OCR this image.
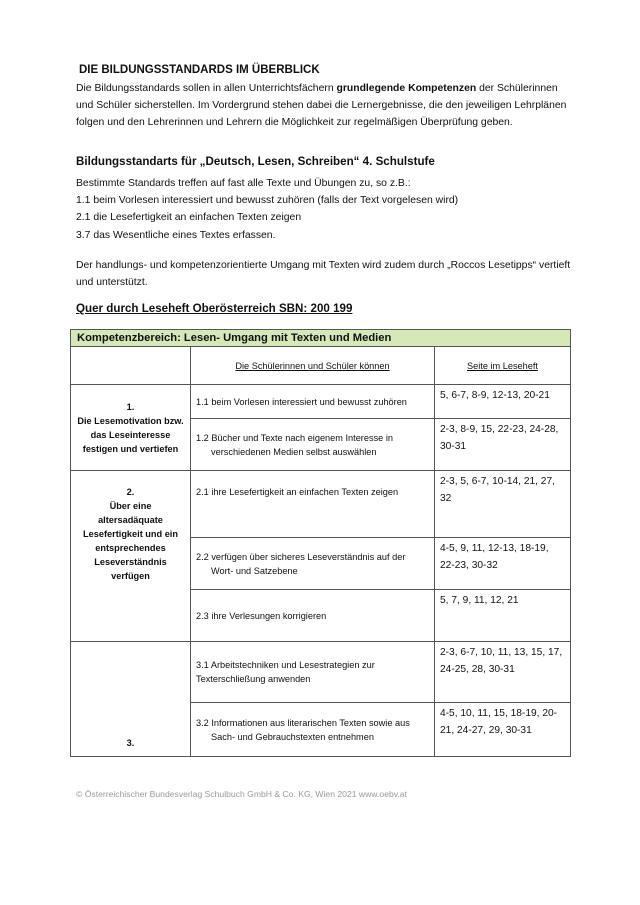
DIE BILDUNGSSTANDARDS IM ÜBERBLICK
Die Bildungsstandards sollen in allen Unterrichtsfächern grundlegende Kompetenzen der Schülerinnen und Schüler sicherstellen. Im Vordergrund stehen dabei die Lernergebnisse, die den jeweiligen Lehrplänen folgen und den Lehrerinnen und Lehrern die Möglichkeit zur regelmäßigen Überprüfung geben.
Bildungsstandarts für „Deutsch, Lesen, Schreiben“ 4. Schulstufe
Bestimmte Standards treffen auf fast alle Texte und Übungen zu, so z.B.:
1.1 beim Vorlesen interessiert und bewusst zuhören (falls der Text vorgelesen wird)
2.1 die Lesefertigkeit an einfachen Texten zeigen
3.7 das Wesentliche eines Textes erfassen.
Der handlungs- und kompetenzorientierte Umgang mit Texten wird zudem durch „Roccos Lesetipps“ vertieft und unterstützt.
Quer durch Leseheft Oberösterreich SBN: 200 199
Kompetenzbereich: Lesen- Umgang mit Texten und Medien		
	Die Schülerinnen und Schüler können	Seite im Leseheft

1.
Die Lesemotivation bzw. das Leseinteresse festigen und vertiefen	1.1 beim Vorlesen interessiert und bewusst zuhören	5, 6-7, 8-9, 12-13, 20-21
	1.2 Bücher und Texte nach eigenem Interesse in
verschiedenen Medien selbst auswählen	2-3, 8-9, 15, 22-23, 24-28, 30-31

2.
Über eine altersadäquate Lesefertigkeit und ein entsprechendes Leseverständnis verfügen	2.1 ihre Lesefertigkeit an einfachen Texten zeigen	2-3, 5, 6-7, 10-14, 21, 27, 32
	2.2 verfügen über sicheres Leseverständnis auf der
Wort- und Satzebene	4-5, 9, 11, 12-13, 18-19, 22-23, 30-32
	2.3 ihre Verlesungen korrigieren	5, 7, 9, 11, 12, 21

3.	3.1 Arbeitstechniken und Lesestrategien zur
Texterschließung anwenden	2-3, 6-7, 10, 11, 13, 15, 17, 24-25, 28, 30-31
	3.2 Informationen aus literarischen Texten sowie aus
Sach- und Gebrauchstexten entnehmen	4-5, 10, 11, 15, 18-19, 20-21, 24-27, 29, 30-31
© Österreichischer Bundesverlag Schulbuch GmbH & Co. KG, Wien 2021 www.oebv.at
